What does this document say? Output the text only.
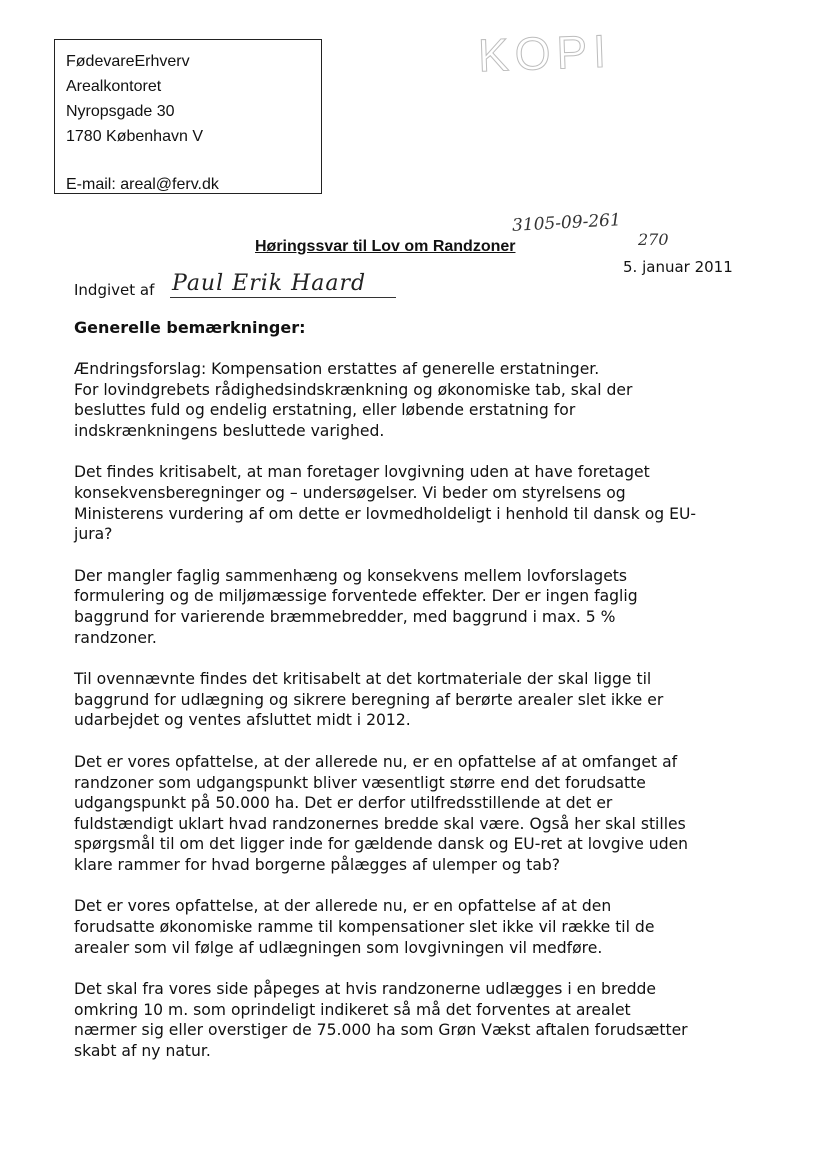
FødevareErhverv
Arealkontoret
Nyropsgade 30
1780 København V
E-mail: areal@ferv.dk
KOPI
3105-09-261
270
Høringssvar til Lov om Randzoner
5. januar 2011
Indgivet af Paul Erik Haard
Generelle bemærkninger:

Ændringsforslag: Kompensation erstattes af generelle erstatninger.
For lovindgrebets rådighedsindskrænkning og økonomiske tab, skal der
besluttes fuld og endelig erstatning, eller løbende erstatning for
indskrænkningens besluttede varighed.

Det findes kritisabelt, at man foretager lovgivning uden at have foretaget
konsekvensberegninger og – undersøgelser. Vi beder om styrelsens og
Ministerens vurdering af om dette er lovmedholdeligt i henhold til dansk og EU-
jura?

Der mangler faglig sammenhæng og konsekvens mellem lovforslagets
formulering og de miljømæssige forventede effekter. Der er ingen faglig
baggrund for varierende bræmmebredder, med baggrund i max. 5 %
randzoner.

Til ovennævnte findes det kritisabelt at det kortmateriale der skal ligge til
baggrund for udlægning og sikrere beregning af berørte arealer slet ikke er
udarbejdet og ventes afsluttet midt i 2012.

Det er vores opfattelse, at der allerede nu, er en opfattelse af at omfanget af
randzoner som udgangspunkt bliver væsentligt større end det forudsatte
udgangspunkt på 50.000 ha. Det er derfor utilfredsstillende at det er
fuldstændigt uklart hvad randzonernes bredde skal være. Også her skal stilles
spørgsmål til om det ligger inde for gældende dansk og EU-ret at lovgive uden
klare rammer for hvad borgerne pålægges af ulemper og tab?

Det er vores opfattelse, at der allerede nu, er en opfattelse af at den
forudsatte økonomiske ramme til kompensationer slet ikke vil række til de
arealer som vil følge af udlægningen som lovgivningen vil medføre.

Det skal fra vores side påpeges at hvis randzonerne udlægges i en bredde
omkring 10 m. som oprindeligt indikeret så må det forventes at arealet
nærmer sig eller overstiger de 75.000 ha som Grøn Vækst aftalen forudsætter
skabt af ny natur.
